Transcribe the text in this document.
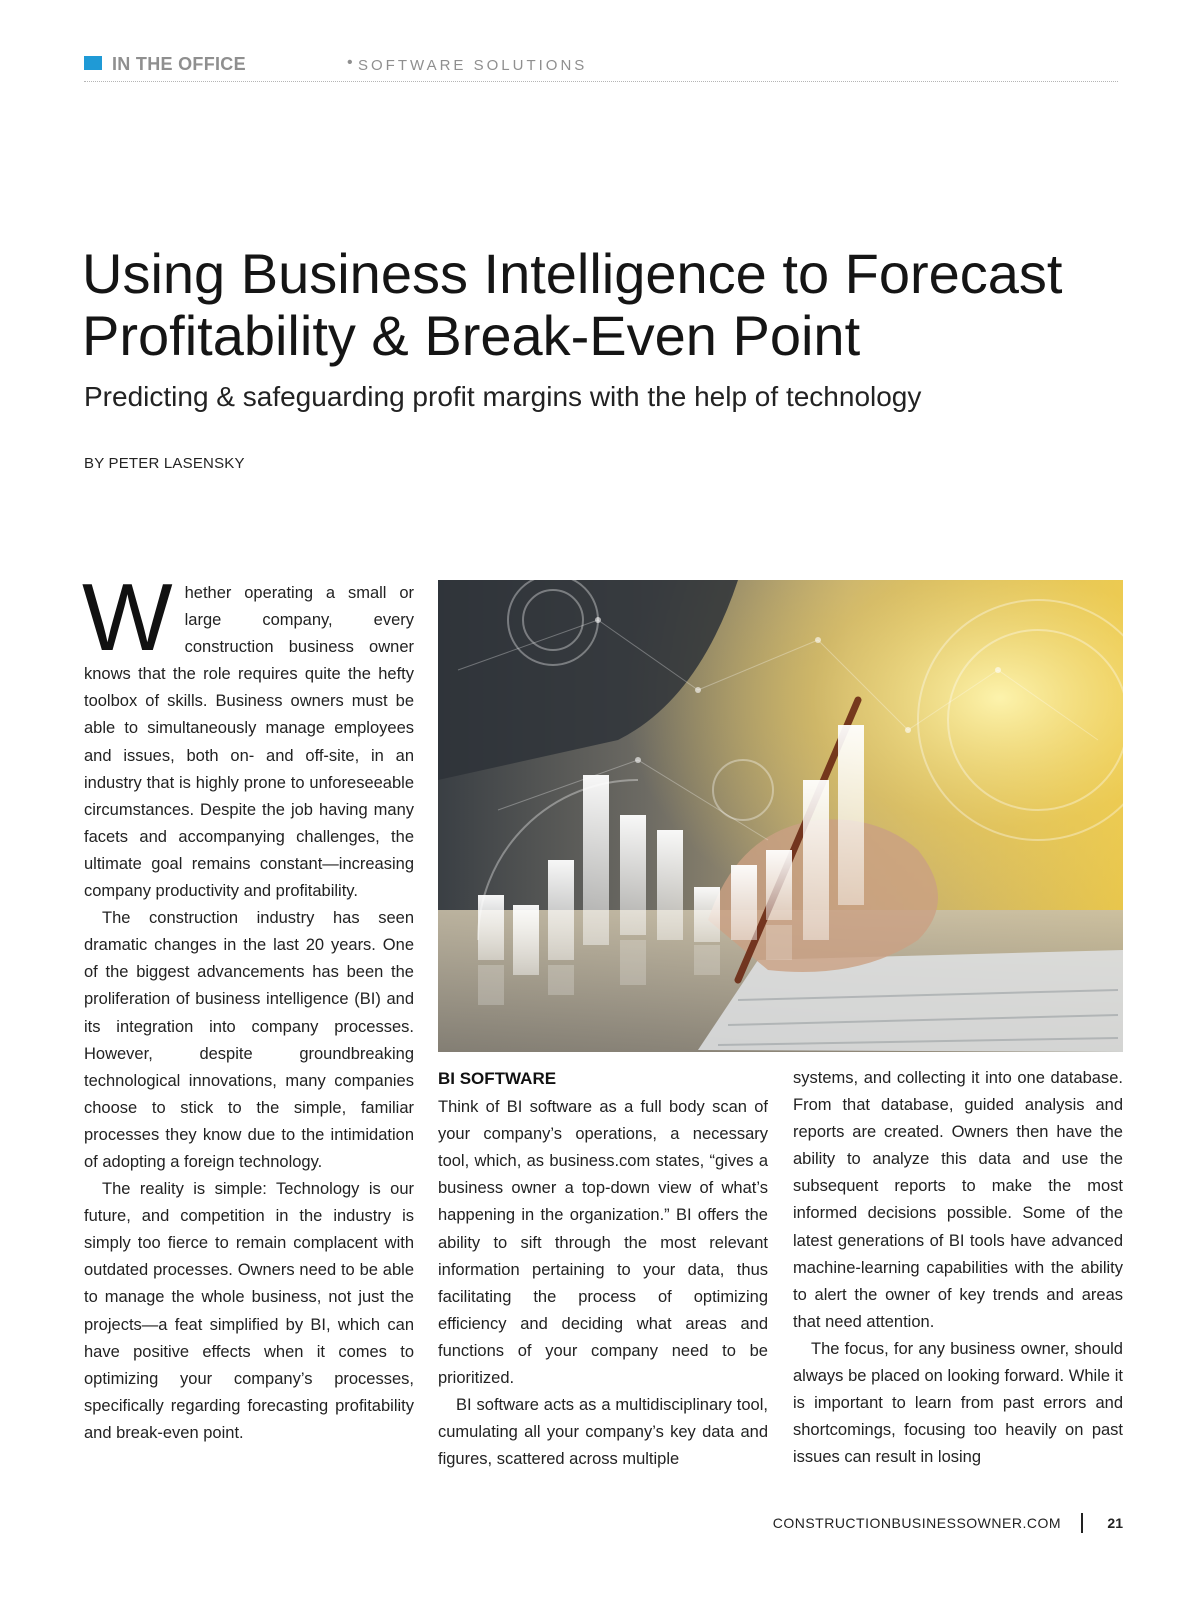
IN THE OFFICE	• SOFTWARE SOLUTIONS
Using Business Intelligence to Forecast
Profitability & Break-Even Point
Predicting & safeguarding profit margins with the help of technology
BY PETER LASENSKY

Whether operating a small or large company, every construction business owner knows that the role requires quite the hefty toolbox of skills. Business owners must be able to simultaneously manage employees and issues, both on- and off-site, in an industry that is highly prone to unforeseeable circumstances. Despite the job having many facets and accompanying challenges, the ultimate goal remains constant—increasing company productivity and profitability.

The construction industry has seen dramatic changes in the last 20 years. One of the biggest advancements has been the proliferation of business intelligence (BI) and its integration into company processes. However, despite groundbreaking technological innovations, many companies choose to stick to the simple, familiar processes they know due to the intimidation of adopting a foreign technology.

The reality is simple: Technology is our future, and competition in the industry is simply too fierce to remain complacent with outdated processes. Owners need to be able to manage the whole business, not just the projects—a feat simplified by BI, which can have positive effects when it comes to optimizing your company’s processes, specifically regarding forecasting profitability and break-even point.

BI SOFTWARE

Think of BI software as a full body scan of your company’s operations, a necessary tool, which, as business.com states, “gives a business owner a top-down view of what’s happening in the organization.” BI offers the ability to sift through the most relevant information pertaining to your data, thus facilitating the process of optimizing efficiency and deciding what areas and functions of your company need to be prioritized.

BI software acts as a multidisciplinary tool, cumulating all your company’s key data and figures, scattered across multiple

systems, and collecting it into one database. From that database, guided analysis and reports are created. Owners then have the ability to analyze this data and use the subsequent reports to make the most informed decisions possible. Some of the latest generations of BI tools have advanced machine-learning capabilities with the ability to alert the owner of key trends and areas that need attention.

The focus, for any business owner, should always be placed on looking forward. While it is important to learn from past errors and shortcomings, focusing too heavily on past issues can result in losing

CONSTRUCTIONBUSINESSOWNER.COM	21
